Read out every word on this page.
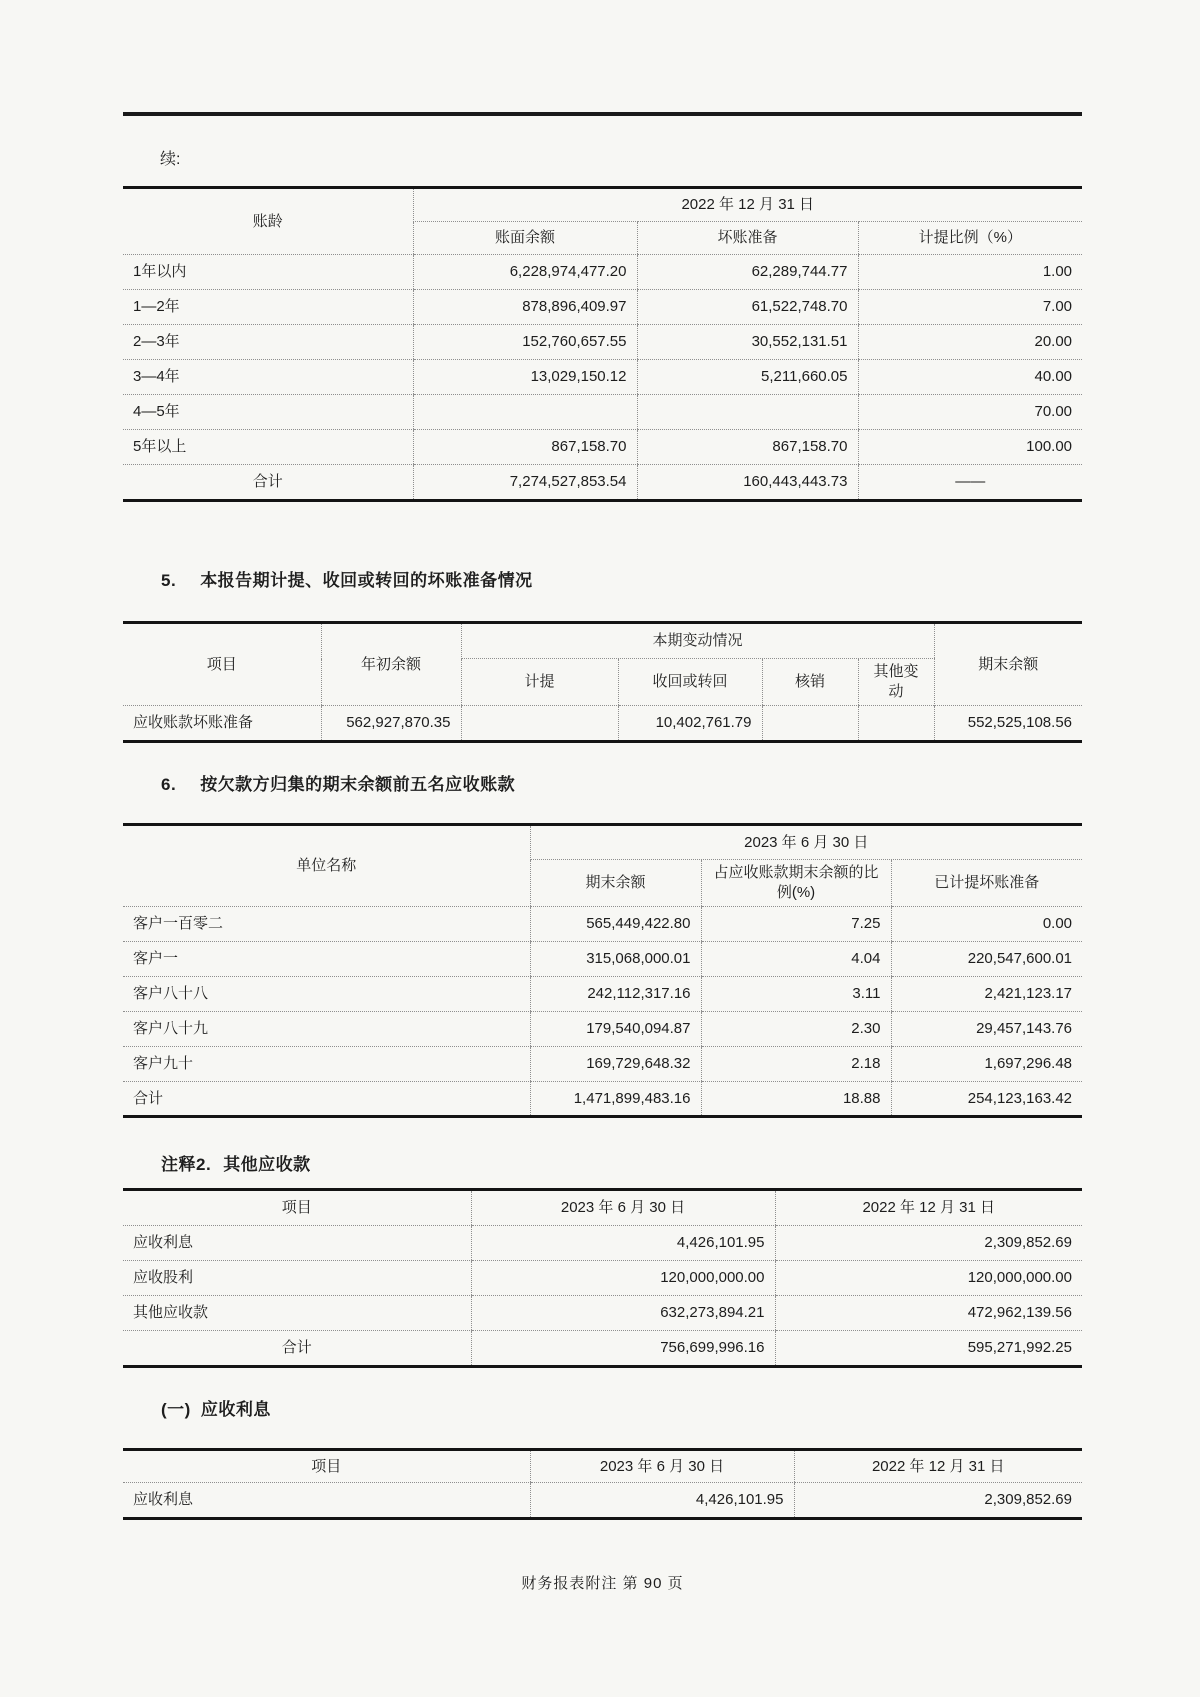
续:
账龄	2022 年 12 月 31 日		
	账面余额	坏账准备	计提比例（%）
1年以内	6,228,974,477.20	62,289,744.77	1.00
1—2年	878,896,409.97	61,522,748.70	7.00
2—3年	152,760,657.55	30,552,131.51	20.00
3—4年	13,029,150.12	5,211,660.05	40.00
4—5年			70.00
5年以上	867,158.70	867,158.70	100.00
合计	7,274,527,853.54	160,443,443.73	——
5. 本报告期计提、收回或转回的坏账准备情况
项目	年初余额	本期变动情况				期末余额
		计提	收回或转回	核销	其他变动	
应收账款坏账准备	562,927,870.35		10,402,761.79			552,525,108.56
6. 按欠款方归集的期末余额前五名应收账款
单位名称	2023 年 6 月 30 日		
	期末余额	占应收账款期末余额的比例(%)	已计提坏账准备
客户一百零二	565,449,422.80	7.25	0.00
客户一	315,068,000.01	4.04	220,547,600.01
客户八十八	242,112,317.16	3.11	2,421,123.17
客户八十九	179,540,094.87	2.30	29,457,143.76
客户九十	169,729,648.32	2.18	1,697,296.48
合计	1,471,899,483.16	18.88	254,123,163.42
注释2. 其他应收款
项目	2023 年 6 月 30 日	2022 年 12 月 31 日
应收利息	4,426,101.95	2,309,852.69
应收股利	120,000,000.00	120,000,000.00
其他应收款	632,273,894.21	472,962,139.56
合计	756,699,996.16	595,271,992.25
(一) 应收利息
项目	2023 年 6 月 30 日	2022 年 12 月 31 日
应收利息	4,426,101.95	2,309,852.69
财务报表附注 第 90 页
